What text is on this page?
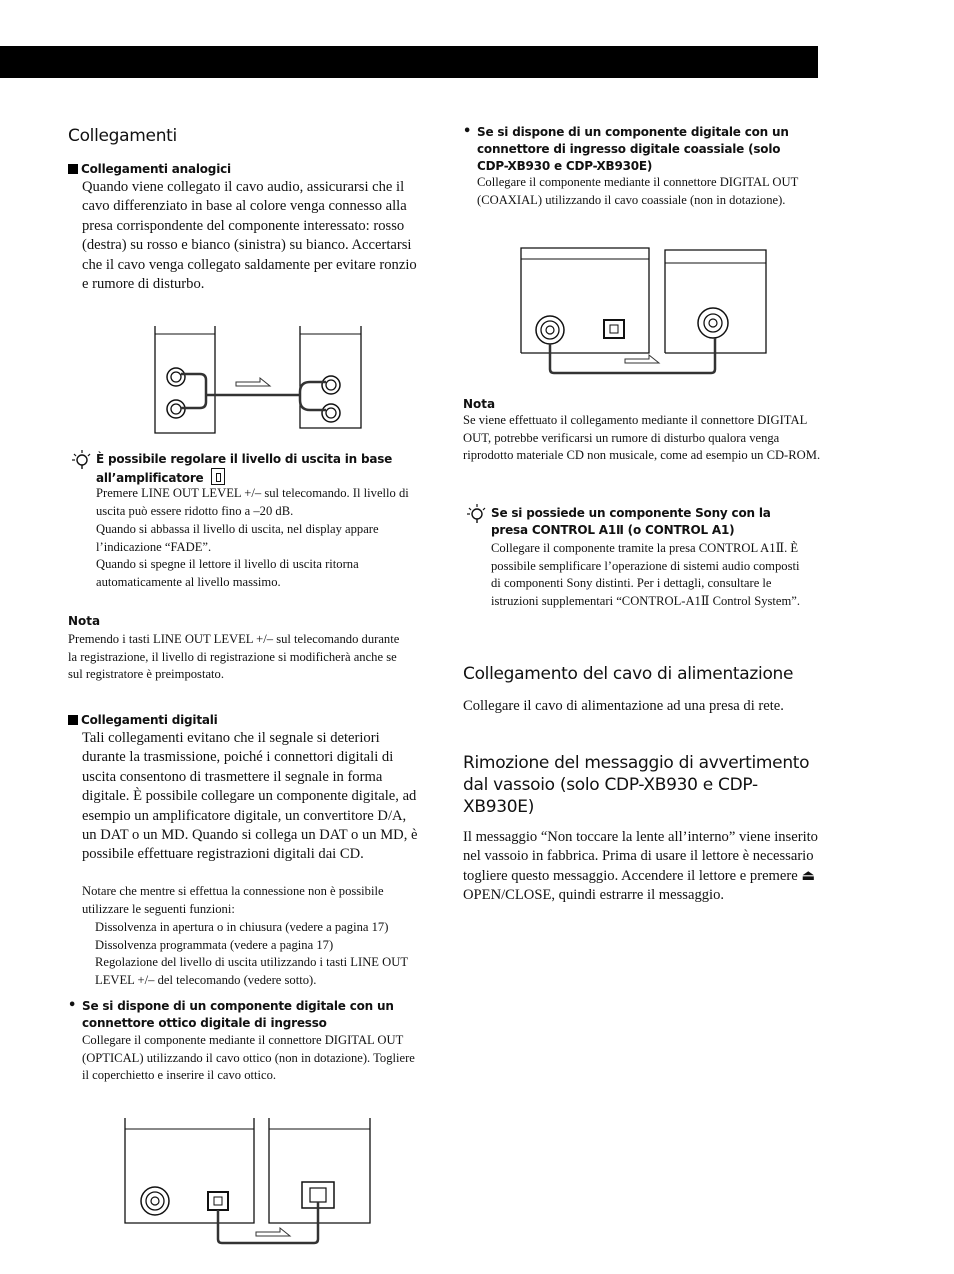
Collegamenti
Collegamenti analogici
Quando viene collegato il cavo audio, assicurarsi che il cavo differenziato in base al colore venga connesso alla presa corrispondente del componente interessato: rosso (destra) su rosso e bianco (sinistra) su bianco. Accertarsi che il cavo venga collegato saldamente per evitare ronzio e rumore di disturbo.
È possibile regolare il livello di uscita in base all’amplificatore
Premere LINE OUT LEVEL +/– sul telecomando. Il livello di uscita può essere ridotto fino a –20 dB.
Quando si abbassa il livello di uscita, nel display appare l’indicazione “FADE”.
Quando si spegne il lettore il livello di uscita ritorna automaticamente al livello massimo.
Nota
Premendo i tasti LINE OUT LEVEL +/– sul telecomando durante la registrazione, il livello di registrazione si modificherà anche se sul registratore è preimpostato.
Collegamenti digitali
Tali collegamenti evitano che il segnale si deteriori durante la trasmissione, poiché i connettori digitali di uscita consentono di trasmettere il segnale in forma digitale. È possibile collegare un componente digitale, ad esempio un amplificatore digitale, un convertitore D/A, un DAT o un MD. Quando si collega un DAT o un MD, è possibile effettuare registrazioni digitali dai CD.
Notare che mentre si effettua la connessione non è possibile utilizzare le seguenti funzioni:
Dissolvenza in apertura o in chiusura (vedere a pagina 17)
Dissolvenza programmata (vedere a pagina 17)
Regolazione del livello di uscita utilizzando i tasti LINE OUT LEVEL +/– del telecomando (vedere sotto).
• Se si dispone di un componente digitale con un connettore ottico digitale di ingresso
Collegare il componente mediante il connettore DIGITAL OUT (OPTICAL) utilizzando il cavo ottico (non in dotazione). Togliere il coperchietto e inserire il cavo ottico.
• Se si dispone di un componente digitale con un connettore di ingresso digitale coassiale (solo CDP-XB930 e CDP-XB930E)
Collegare il componente mediante il connettore DIGITAL OUT (COAXIAL) utilizzando il cavo coassiale (non in dotazione).
Nota
Se viene effettuato il collegamento mediante il connettore DIGITAL OUT, potrebbe verificarsi un rumore di disturbo qualora venga riprodotto materiale CD non musicale, come ad esempio un CD-ROM.
Se si possiede un componente Sony con la presa CONTROL A1Ⅱ (o CONTROL A1)
Collegare il componente tramite la presa CONTROL A1Ⅱ. È possibile semplificare l’operazione di sistemi audio composti di componenti Sony distinti. Per i dettagli, consultare le istruzioni supplementari “CONTROL-A1Ⅱ Control System”.
Collegamento del cavo di alimentazione
Collegare il cavo di alimentazione ad una presa di rete.
Rimozione del messaggio di avvertimento dal vassoio (solo CDP-XB930 e CDP-XB930E)
Il messaggio “Non toccare la lente all’interno” viene inserito nel vassoio in fabbrica. Prima di usare il lettore è necessario togliere questo messaggio. Accendere il lettore e premere ⏏ OPEN/CLOSE, quindi estrarre il messaggio.
